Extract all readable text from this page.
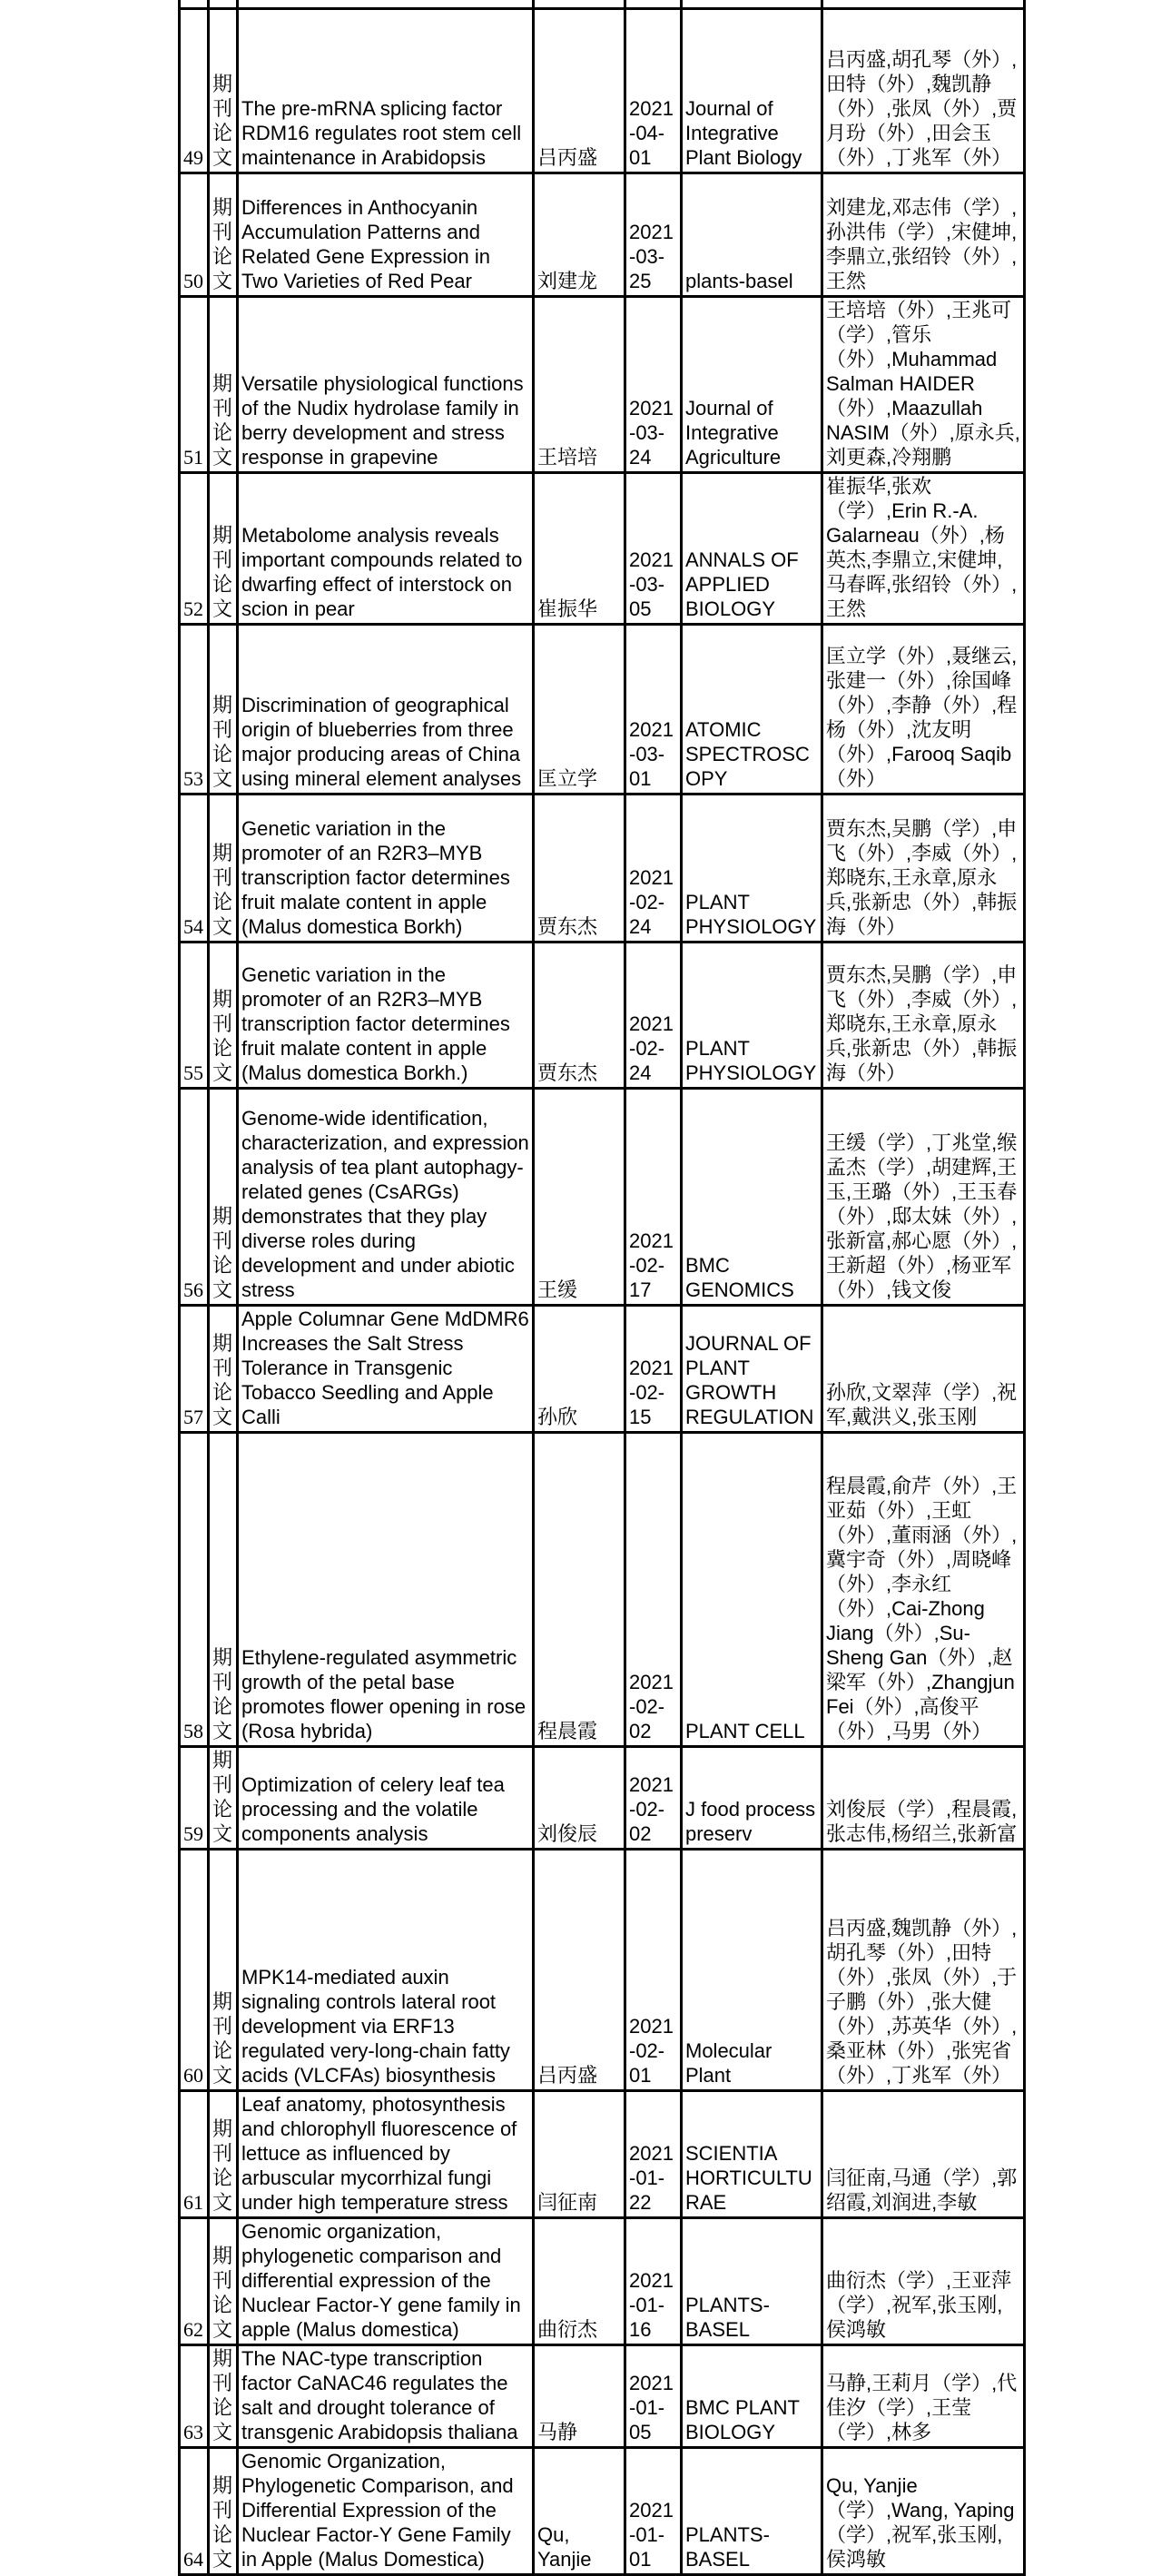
49	期刊论文	The pre-mRNA splicing factor RDM16 regulates root stem cell maintenance in Arabidopsis	吕丙盛	2021-04-01	Journal of Integrative Plant Biology	吕丙盛,胡孔琴（外）,田特（外）,魏凯静（外）,张凤（外）,贾月玢（外）,田会玉（外）,丁兆军（外）
50	期刊论文	Differences in Anthocyanin Accumulation Patterns and Related Gene Expression in Two Varieties of Red Pear	刘建龙	2021-03-25	plants-basel	刘建龙,邓志伟（学）,孙洪伟（学）,宋健坤,李鼎立,张绍铃（外）,王然
51	期刊论文	Versatile physiological functions of the Nudix hydrolase family in berry development and stress response in grapevine	王培培	2021-03-24	Journal of Integrative Agriculture	王培培（外）,王兆可（学）,管乐（外）,Muhammad Salman HAIDER（外）,Maazullah NASIM（外）,原永兵,刘更森,冷翔鹏
52	期刊论文	Metabolome analysis reveals important compounds related to dwarfing effect of interstock on scion in pear	崔振华	2021-03-05	ANNALS OF APPLIED BIOLOGY	崔振华,张欢（学）,Erin R.-A. Galarneau（外）,杨英杰,李鼎立,宋健坤,马春晖,张绍铃（外）,王然
53	期刊论文	Discrimination of geographical origin of blueberries from three major producing areas of China using mineral element analyses	匡立学	2021-03-01	ATOMIC SPECTROSCOPY	匡立学（外）,聂继云,张建一（外）,徐国峰（外）,李静（外）,程杨（外）,沈友明（外）,Farooq Saqib（外）
54	期刊论文	Genetic variation in the promoter of an R2R3–MYB transcription factor determines fruit malate content in apple (Malus domestica Borkh)	贾东杰	2021-02-24	PLANT PHYSIOLOGY	贾东杰,吴鹏（学）,申飞（外）,李威（外）,郑晓东,王永章,原永兵,张新忠（外）,韩振海（外）
55	期刊论文	Genetic variation in the promoter of an R2R3–MYB transcription factor determines fruit malate content in apple (Malus domestica Borkh.)	贾东杰	2021-02-24	PLANT PHYSIOLOGY	贾东杰,吴鹏（学）,申飞（外）,李威（外）,郑晓东,王永章,原永兵,张新忠（外）,韩振海（外）
56	期刊论文	Genome-wide identification, characterization, and expression analysis of tea plant autophagy-related genes (CsARGs) demonstrates that they play diverse roles during development and under abiotic stress	王缓	2021-02-17	BMC GENOMICS	王缓（学）,丁兆堂,缑孟杰（学）,胡建辉,王玉,王璐（外）,王玉春（外）,邸太妹（外）,张新富,郝心愿（外）,王新超（外）,杨亚军（外）,钱文俊
57	期刊论文	Apple Columnar Gene MdDMR6 Increases the Salt Stress Tolerance in Transgenic Tobacco Seedling and Apple Calli	孙欣	2021-02-15	JOURNAL OF PLANT GROWTH REGULATION	孙欣,文翠萍（学）,祝军,戴洪义,张玉刚
58	期刊论文	Ethylene-regulated asymmetric growth of the petal base promotes flower opening in rose (Rosa hybrida)	程晨霞	2021-02-02	PLANT CELL	程晨霞,俞芹（外）,王亚茹（外）,王虹（外）,董雨涵（外）,冀宇奇（外）,周晓峰（外）,李永红（外）,Cai-Zhong Jiang（外）,Su-Sheng Gan（外）,赵梁军（外）,Zhangjun Fei（外）,高俊平（外）,马男（外）
59	期刊论文	Optimization of celery leaf tea processing and the volatile components analysis	刘俊辰	2021-02-02	J food process preserv	刘俊辰（学）,程晨霞,张志伟,杨绍兰,张新富
60	期刊论文	MPK14-mediated auxin signaling controls lateral root development via ERF13 regulated very-long-chain fatty acids (VLCFAs) biosynthesis	吕丙盛	2021-02-01	Molecular Plant	吕丙盛,魏凯静（外）,胡孔琴（外）,田特（外）,张凤（外）,于子鹏（外）,张大健（外）,苏英华（外）,桑亚林（外）,张宪省（外）,丁兆军（外）
61	期刊论文	Leaf anatomy, photosynthesis and chlorophyll fluorescence of lettuce as influenced by arbuscular mycorrhizal fungi under high temperature stress	闫征南	2021-01-22	SCIENTIA HORTICULTURAE	闫征南,马通（学）,郭绍霞,刘润进,李敏
62	期刊论文	Genomic organization, phylogenetic comparison and differential expression of the Nuclear Factor-Y gene family in apple (Malus domestica)	曲衍杰	2021-01-16	PLANTS-BASEL	曲衍杰（学）,王亚萍（学）,祝军,张玉刚,侯鸿敏
63	期刊论文	The NAC-type transcription factor CaNAC46 regulates the salt and drought tolerance of transgenic Arabidopsis thaliana	马静	2021-01-05	BMC PLANT BIOLOGY	马静,王莉月（学）,代佳汐（学）,王莹（学）,林多
64	期刊论文	Genomic Organization, Phylogenetic Comparison, and Differential Expression of the Nuclear Factor-Y Gene Family in Apple (Malus Domestica)	Qu, Yanjie	2021-01-01	PLANTS-BASEL	Qu, Yanjie（学）,Wang, Yaping（学）,祝军,张玉刚,侯鸿敏
